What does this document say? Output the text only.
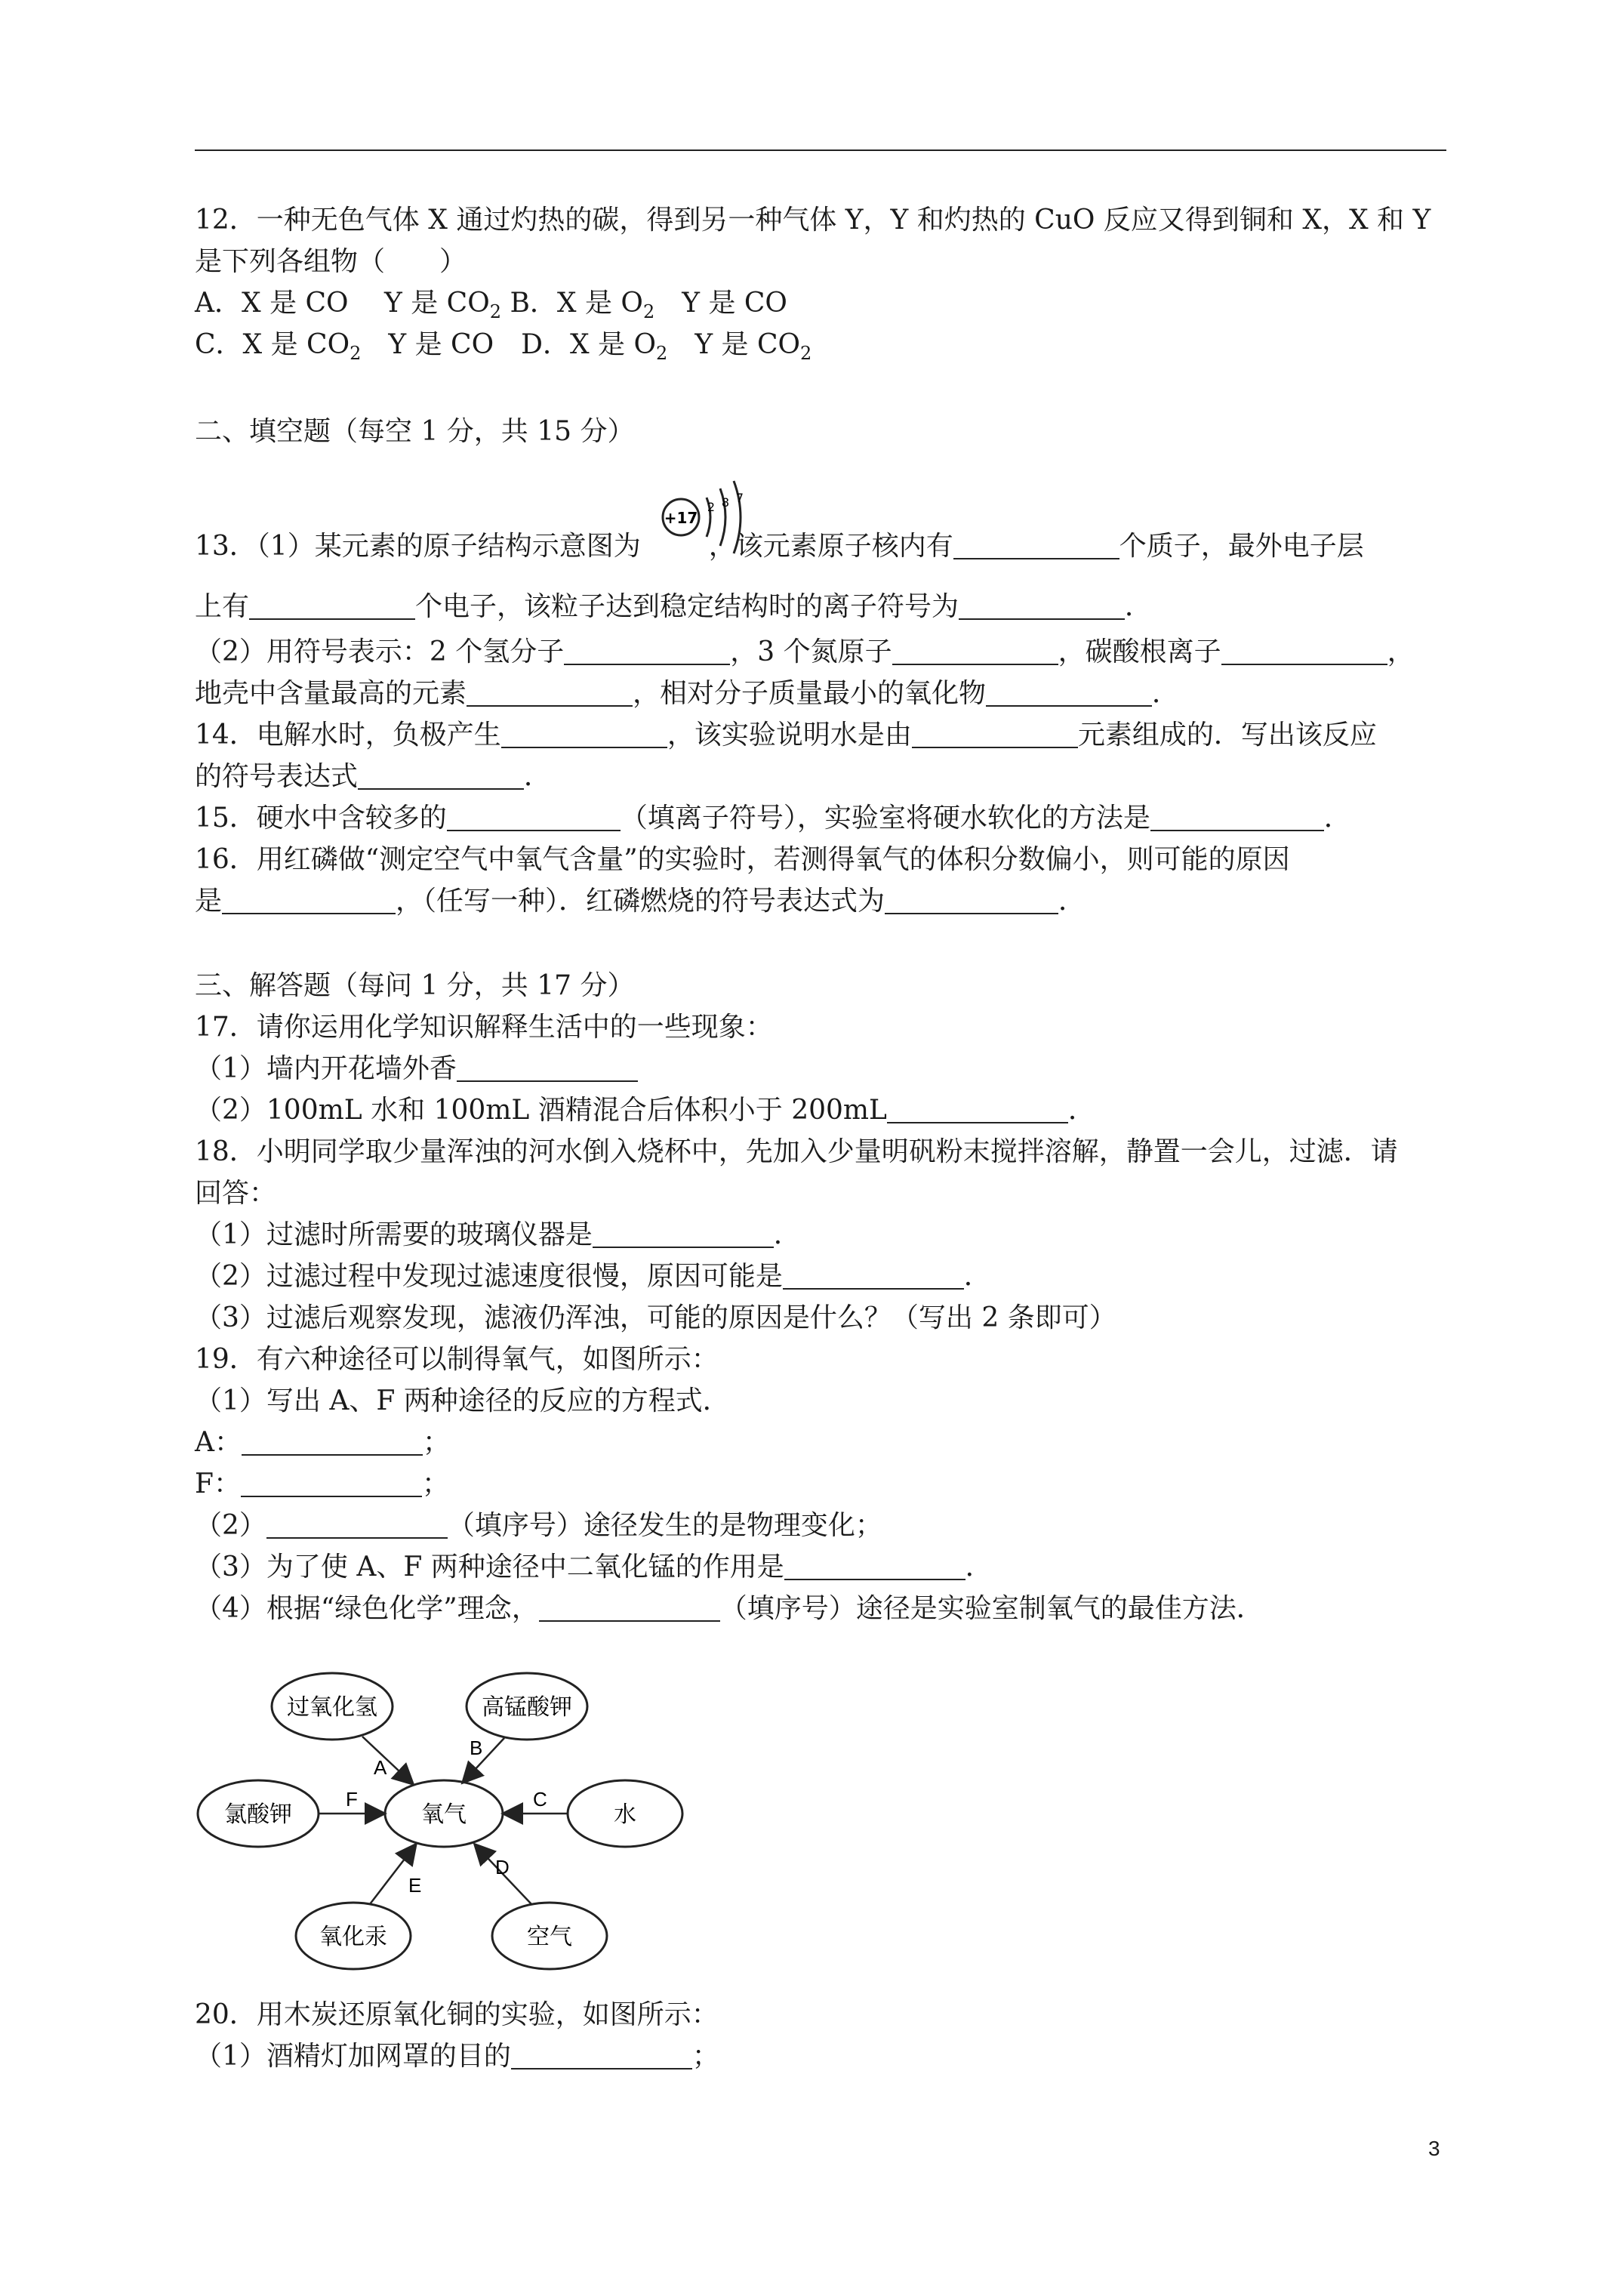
12．一种无色气体 X 通过灼热的碳，得到另一种气体 Y，Y 和灼热的 CuO 反应又得到铜和 X，X 和 Y
是下列各组物（　　）
A．X 是 CO　 Y 是 $CO_2$ B．X 是 $O_2$　Y 是 CO
C．X 是 $CO_2$　Y 是 CO　D．X 是 $O_2$　Y 是 $CO_2$
二、填空题（每空 1 分，共 15 分）
13．（1）某元素的原子结构示意图为	，该元素原子核内有	个质子，最外电子层
上有	个电子，该粒子达到稳定结构时的离子符号为	．
（2）用符号表示：2 个氢分子	，3 个氮原子	，碳酸根离子	，
地壳中含量最高的元素	，相对分子质量最小的氧化物	．
14．电解水时，负极产生	，该实验说明水是由	元素组成的．写出该反应
的符号表达式	．
15．硬水中含较多的	（填离子符号），实验室将硬水软化的方法是	．
16．用红磷做“测定空气中氧气含量”的实验时，若测得氧气的体积分数偏小，则可能的原因
是	，（任写一种）．红磷燃烧的符号表达式为	．
三、解答题（每问 1 分，共 17 分）
17．请你运用化学知识解释生活中的一些现象：
（1）墙内开花墙外香
（2）100mL 水和 100mL 酒精混合后体积小于 200mL	．
18．小明同学取少量浑浊的河水倒入烧杯中，先加入少量明矾粉末搅拌溶解，静置一会儿，过滤．请
回答：
（1）过滤时所需要的玻璃仪器是	．
（2）过滤过程中发现过滤速度很慢，原因可能是	．
（3）过滤后观察发现，滤液仍浑浊，可能的原因是什么？（写出 2 条即可）
19．有六种途径可以制得氧气，如图所示：
（1）写出 A、F 两种途径的反应的方程式．
A：	；
F：	；
（2）	（填序号）途径发生的是物理变化；
（3）为了使 A、F 两种途径中二氧化锰的作用是	．
（4）根据“绿色化学”理念，	（填序号）途径是实验室制氧气的最佳方法．
20．用木炭还原氧化铜的实验，如图所示：
（1）酒精灯加网罩的目的	；
+17
2 8 7
氧气
过氧化氢	高锰酸钾
氯酸钾	水
氧化汞	空气
A
B
F	C
D
E
3
